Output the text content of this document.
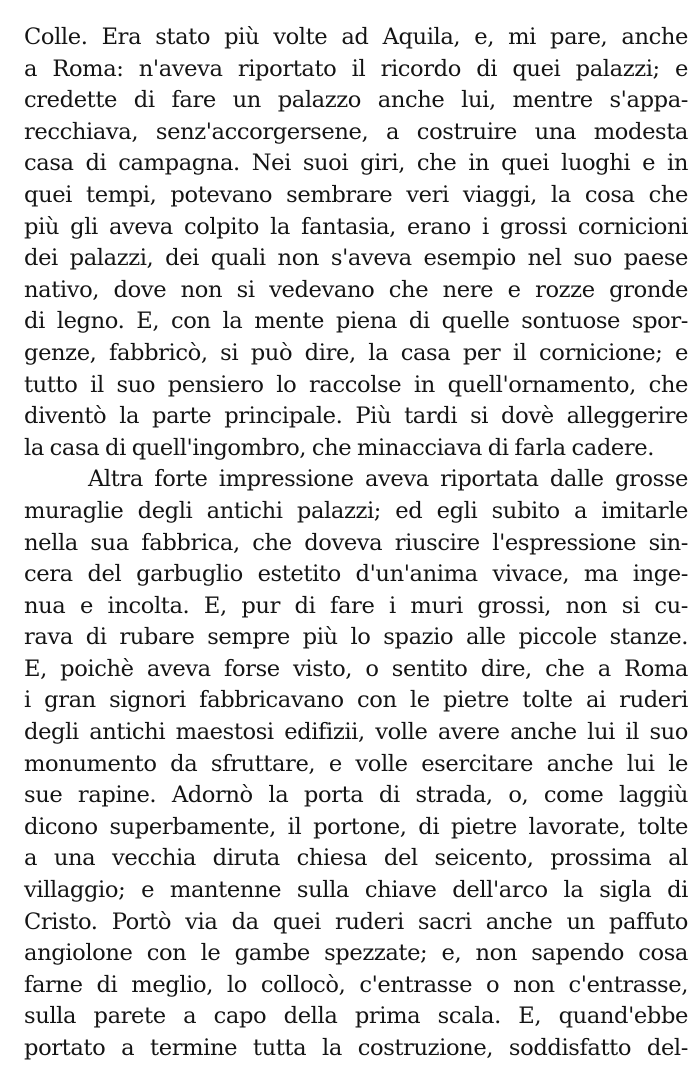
Colle. Era stato più volte ad Aquila, e, mi pare, anche
a Roma: n'aveva riportato il ricordo di quei palazzi; e
credette di fare un palazzo anche lui, mentre s'appa-
recchiava, senz'accorgersene, a costruire una modesta
casa di campagna. Nei suoi giri, che in quei luoghi e in
quei tempi, potevano sembrare veri viaggi, la cosa che
più gli aveva colpito la fantasia, erano i grossi cornicioni
dei palazzi, dei quali non s'aveva esempio nel suo paese
nativo, dove non si vedevano che nere e rozze gronde
di legno. E, con la mente piena di quelle sontuose spor-
genze, fabbricò, si può dire, la casa per il cornicione; e
tutto il suo pensiero lo raccolse in quell'ornamento, che
diventò la parte principale. Più tardi si dovè alleggerire
la casa di quell'ingombro, che minacciava di farla cadere.
Altra forte impressione aveva riportata dalle grosse
muraglie degli antichi palazzi; ed egli subito a imitarle
nella sua fabbrica, che doveva riuscire l'espressione sin-
cera del garbuglio estetito d'un'anima vivace, ma inge-
nua e incolta. E, pur di fare i muri grossi, non si cu-
rava di rubare sempre più lo spazio alle piccole stanze.
E, poichè aveva forse visto, o sentito dire, che a Roma
i gran signori fabbricavano con le pietre tolte ai ruderi
degli antichi maestosi edifizii, volle avere anche lui il suo
monumento da sfruttare, e volle esercitare anche lui le
sue rapine. Adornò la porta di strada, o, come laggiù
dicono superbamente, il portone, di pietre lavorate, tolte
a una vecchia diruta chiesa del seicento, prossima al
villaggio; e mantenne sulla chiave dell'arco la sigla di
Cristo. Portò via da quei ruderi sacri anche un paffuto
angiolone con le gambe spezzate; e, non sapendo cosa
farne di meglio, lo collocò, c'entrasse o non c'entrasse,
sulla parete a capo della prima scala. E, quand'ebbe
portato a termine tutta la costruzione, soddisfatto del-
